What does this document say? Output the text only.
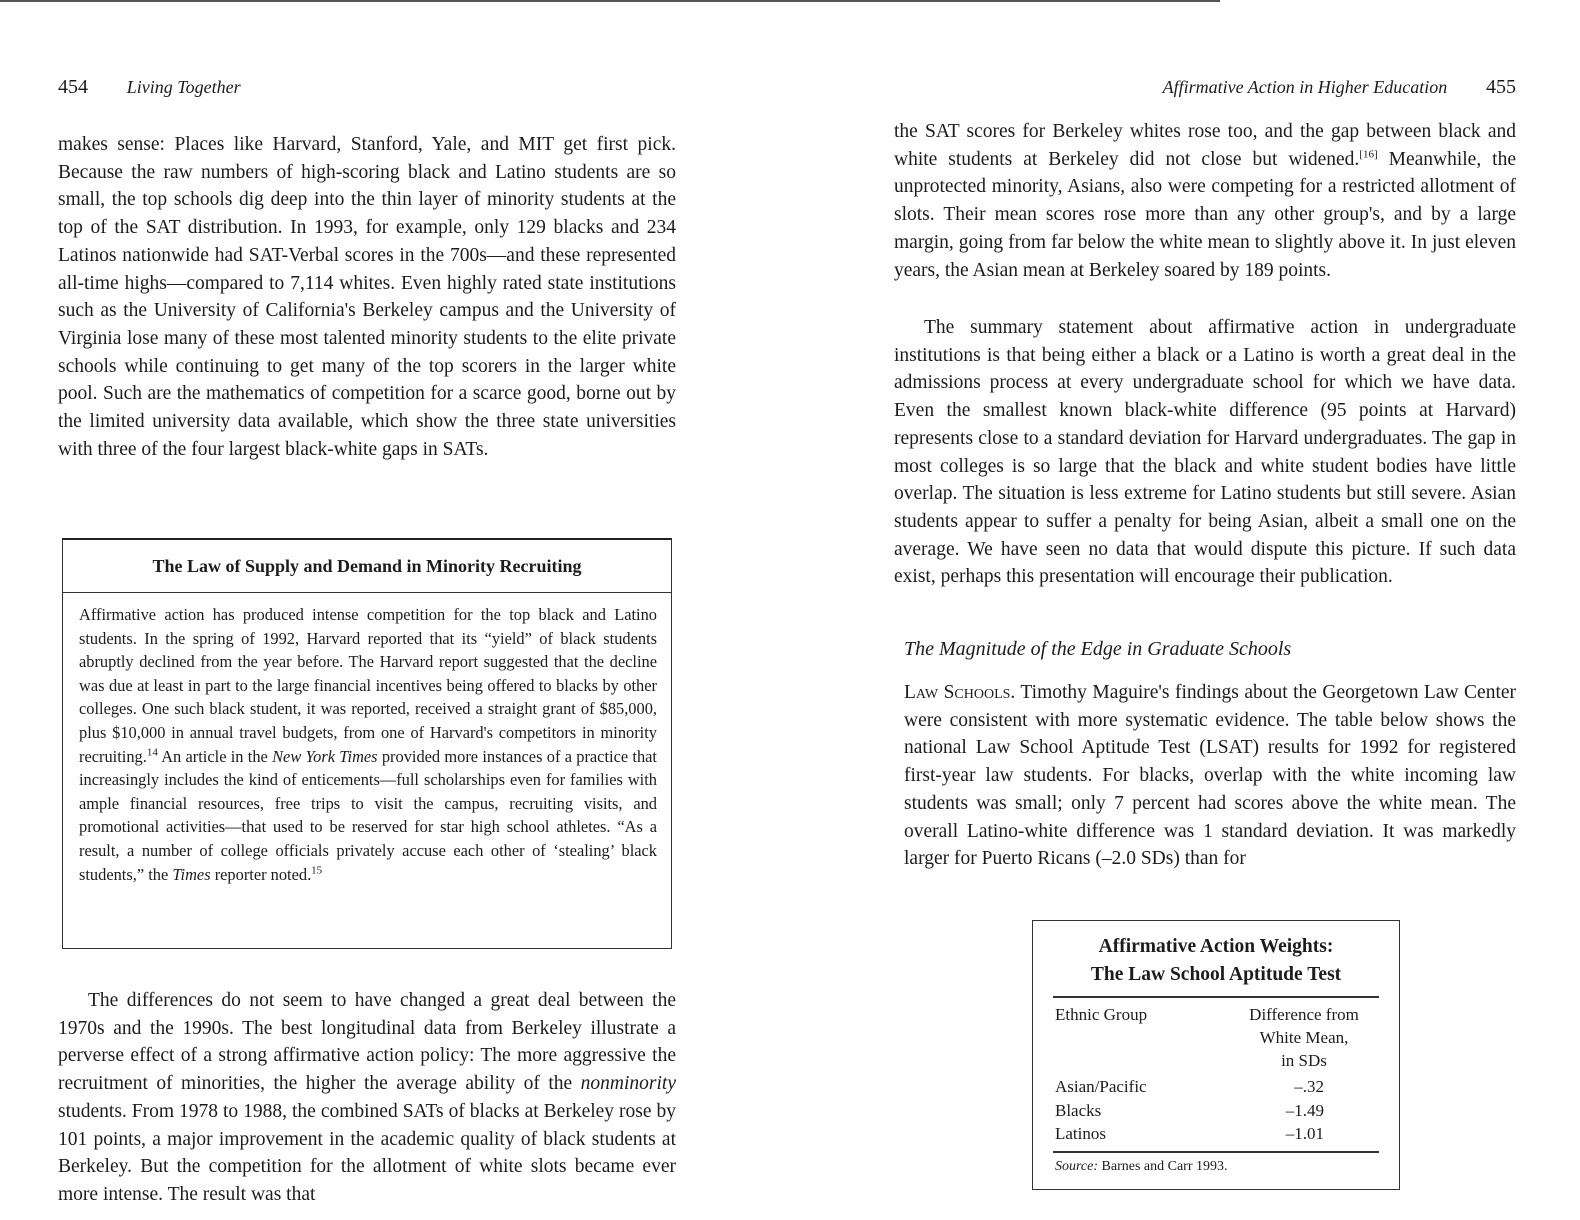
454 Living Together

makes sense: Places like Harvard, Stanford, Yale, and MIT get first pick. Because the raw numbers of high-scoring black and Latino students are so small, the top schools dig deep into the thin layer of minority students at the top of the SAT distribution. In 1993, for example, only 129 blacks and 234 Latinos nationwide had SAT-Verbal scores in the 700s—and these represented all-time highs—compared to 7,114 whites. Even highly rated state institutions such as the University of California's Berkeley campus and the University of Virginia lose many of these most talented minority students to the elite private schools while continuing to get many of the top scorers in the larger white pool. Such are the mathematics of competition for a scarce good, borne out by the limited university data available, which show the three state universities with three of the four largest black-white gaps in SATs.

The Law of Supply and Demand in Minority Recruiting

Affirmative action has produced intense competition for the top black and Latino students. In the spring of 1992, Harvard reported that its “yield” of black students abruptly declined from the year before. The Harvard report suggested that the decline was due at least in part to the large financial incentives being offered to blacks by other colleges. One such black student, it was reported, received a straight grant of $85,000, plus $10,000 in annual travel budgets, from one of Harvard's competitors in minority recruiting.$^{14}$ An article in the New York Times provided more instances of a practice that increasingly includes the kind of enticements—full scholarships even for families with ample financial resources, free trips to visit the campus, recruiting visits, and promotional activities—that used to be reserved for star high school athletes. “As a result, a number of college officials privately accuse each other of ‘stealing’ black students,” the Times reporter noted.$^{15}$

The differences do not seem to have changed a great deal between the 1970s and the 1990s. The best longitudinal data from Berkeley illustrate a perverse effect of a strong affirmative action policy: The more aggressive the recruitment of minorities, the higher the average ability of the nonminority students. From 1978 to 1988, the combined SATs of blacks at Berkeley rose by 101 points, a major improvement in the academic quality of black students at Berkeley. But the competition for the allotment of white slots became ever more intense. The result was that

Affirmative Action in Higher Education 455

the SAT scores for Berkeley whites rose too, and the gap between black and white students at Berkeley did not close but widened.[16] Meanwhile, the unprotected minority, Asians, also were competing for a restricted allotment of slots. Their mean scores rose more than any other group's, and by a large margin, going from far below the white mean to slightly above it. In just eleven years, the Asian mean at Berkeley soared by 189 points.

The summary statement about affirmative action in undergraduate institutions is that being either a black or a Latino is worth a great deal in the admissions process at every undergraduate school for which we have data. Even the smallest known black-white difference (95 points at Harvard) represents close to a standard deviation for Harvard undergraduates. The gap in most colleges is so large that the black and white student bodies have little overlap. The situation is less extreme for Latino students but still severe. Asian students appear to suffer a penalty for being Asian, albeit a small one on the average. We have seen no data that would dispute this picture. If such data exist, perhaps this presentation will encourage their publication.

The Magnitude of the Edge in Graduate Schools

Law Schools. Timothy Maguire's findings about the Georgetown Law Center were consistent with more systematic evidence. The table below shows the national Law School Aptitude Test (LSAT) results for 1992 for registered first-year law students. For blacks, overlap with the white incoming law students was small; only 7 percent had scores above the white mean. The overall Latino-white difference was 1 standard deviation. It was markedly larger for Puerto Ricans (–2.0 SDs) than for

Affirmative Action Weights:
The Law School Aptitude Test
Ethnic Group	Difference from
White Mean,
in SDs
Asian/Pacific	–.32
Blacks	–1.49
Latinos	–1.01
Source: Barnes and Carr 1993.
